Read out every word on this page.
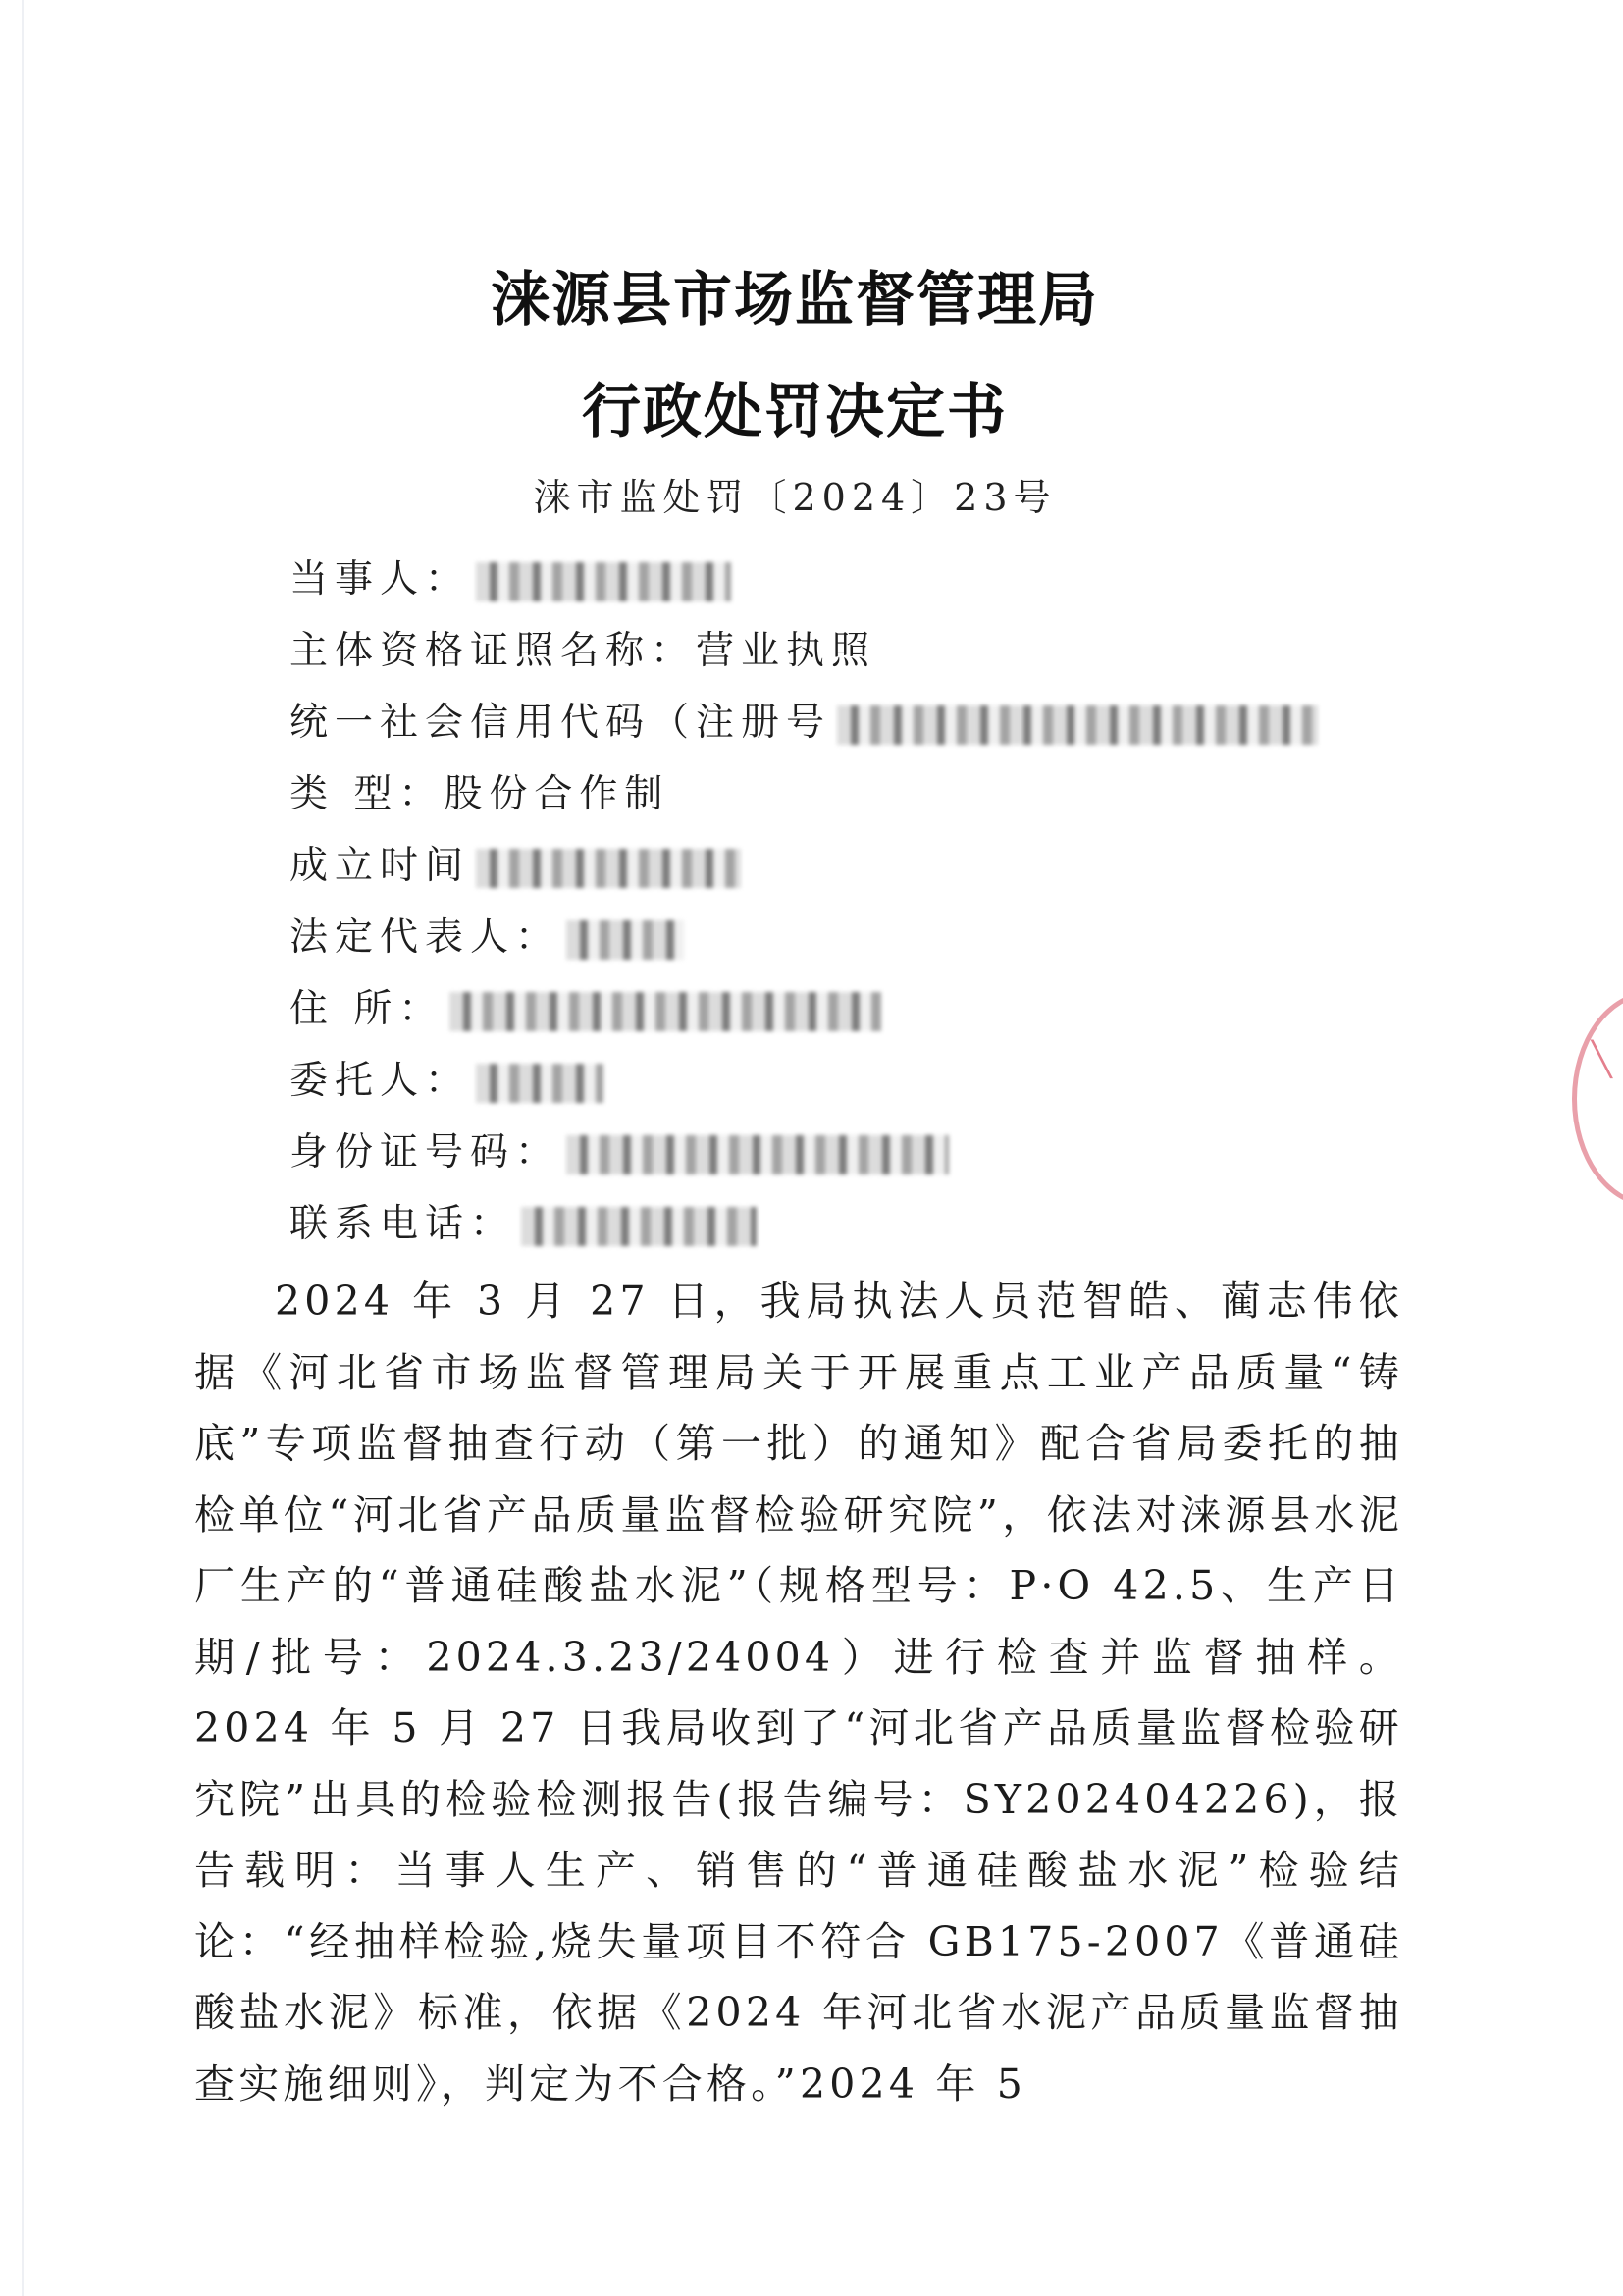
涞源县市场监督管理局
行政处罚决定书
涞市监处罚〔2024〕23号
当事人：
主体资格证照名称：营业执照
统一社会信用代码（注册号
类 型：股份合作制
成立时间
法定代表人：
住 所：
委托人：
身份证号码：
联系电话：
2024 年 3 月 27 日，我局执法人员范智皓、蔺志伟依据《河北省市场监督管理局关于开展重点工业产品质量“铸底”专项监督抽查行动（第一批）的通知》配合省局委托的抽检单位“河北省产品质量监督检验研究院”，依法对涞源县水泥厂生产的“普通硅酸盐水泥”（规格型号：P·O 42.5、生产日期/批号：2024.3.23/24004）进行检查并监督抽样。2024 年 5 月 27 日我局收到了“河北省产品质量监督检验研究院”出具的检验检测报告(报告编号：SY202404226)，报告载明：当事人生产、销售的“普通硅酸盐水泥”检验结论：“经抽样检验,烧失量项目不符合 GB175-2007《普通硅酸盐水泥》标准，依据《2024 年河北省水泥产品质量监督抽查实施细则》，判定为不合格。”2024 年 5
╲
